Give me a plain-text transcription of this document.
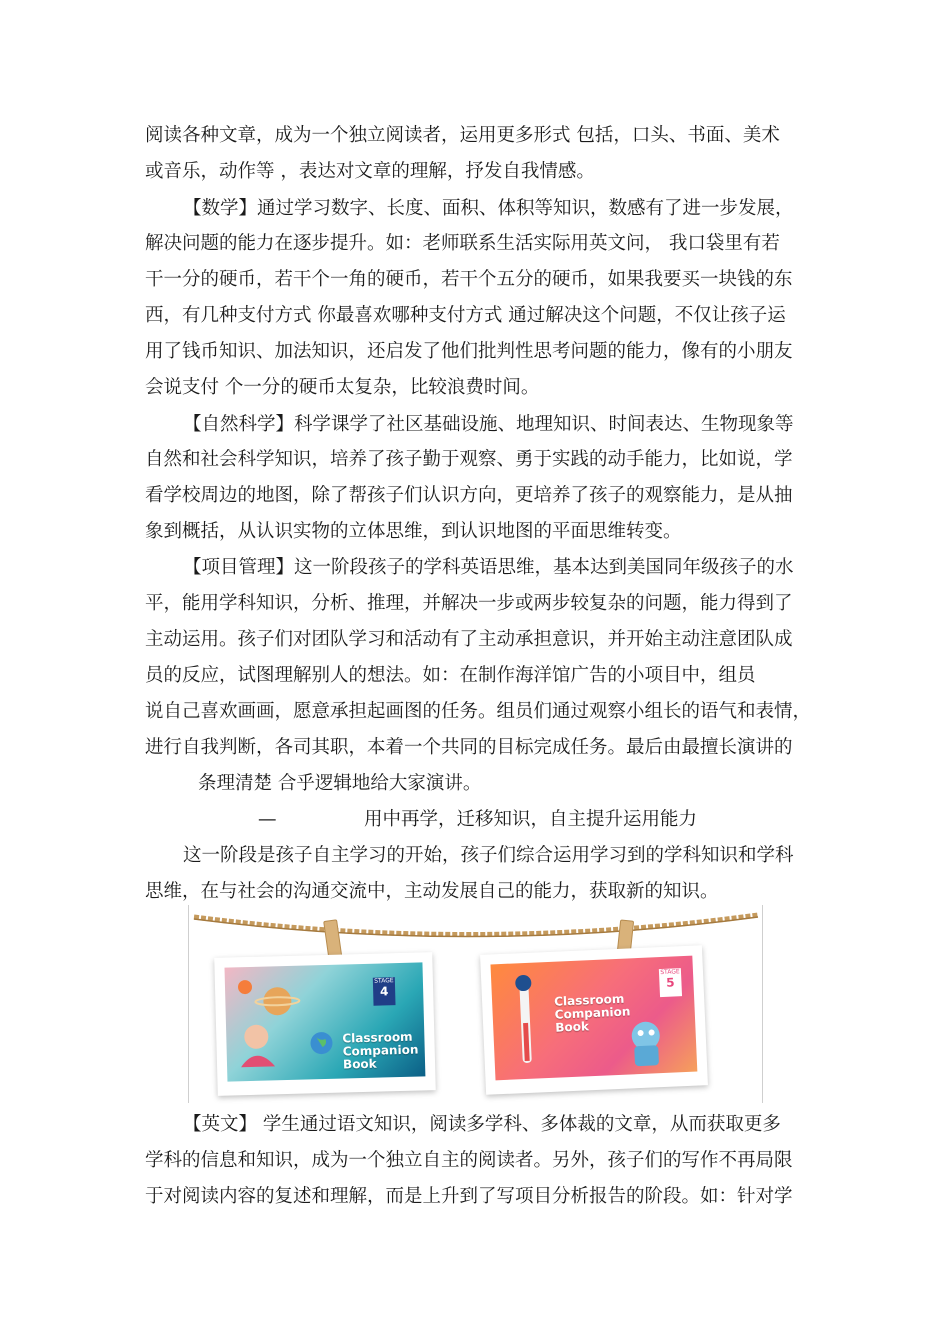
阅读各种文章，成为一个独立阅读者，运用更多形式 包括，口头、书面、美术
或音乐，动作等 ，表达对文章的理解，抒发自我情感。
【数学】通过学习数字、长度、面积、体积等知识，数感有了进一步发展，
解决问题的能力在逐步提升。如：老师联系生活实际用英文问， 我口袋里有若
干一分的硬币，若干个一角的硬币，若干个五分的硬币，如果我要买一块钱的东
西，有几种支付方式 你最喜欢哪种支付方式 通过解决这个问题，不仅让孩子运
用了钱币知识、加法知识，还启发了他们批判性思考问题的能力，像有的小朋友
会说支付 个一分的硬币太复杂，比较浪费时间。
【自然科学】科学课学了社区基础设施、地理知识、时间表达、生物现象等
自然和社会科学知识，培养了孩子勤于观察、勇于实践的动手能力，比如说，学
看学校周边的地图，除了帮孩子们认识方向，更培养了孩子的观察能力，是从抽
象到概括，从认识实物的立体思维，到认识地图的平面思维转变。
【项目管理】这一阶段孩子的学科英语思维，基本达到美国同年级孩子的水
平，能用学科知识，分析、推理，并解决一步或两步较复杂的问题，能力得到了
主动运用。孩子们对团队学习和活动有了主动承担意识，并开始主动注意团队成
员的反应，试图理解别人的想法。如：在制作海洋馆广告的小项目中，组员
说自己喜欢画画，愿意承担起画图的任务。组员们通过观察小组长的语气和表情，
进行自我判断，各司其职，本着一个共同的目标完成任务。最后由最擅长演讲的
条理清楚 合乎逻辑地给大家演讲。
—	用中再学，迁移知识，自主提升运用能力
这一阶段是孩子自主学习的开始，孩子们综合运用学习到的学科知识和学科
思维，在与社会的沟通交流中，主动发展自己的能力，获取新的知识。
STAGE
4
Classroom Companion Book
STAGE
5
Classroom Companion Book
【英文】 学生通过语文知识，阅读多学科、多体裁的文章，从而获取更多
学科的信息和知识，成为一个独立自主的阅读者。另外，孩子们的写作不再局限
于对阅读内容的复述和理解，而是上升到了写项目分析报告的阶段。如：针对学
